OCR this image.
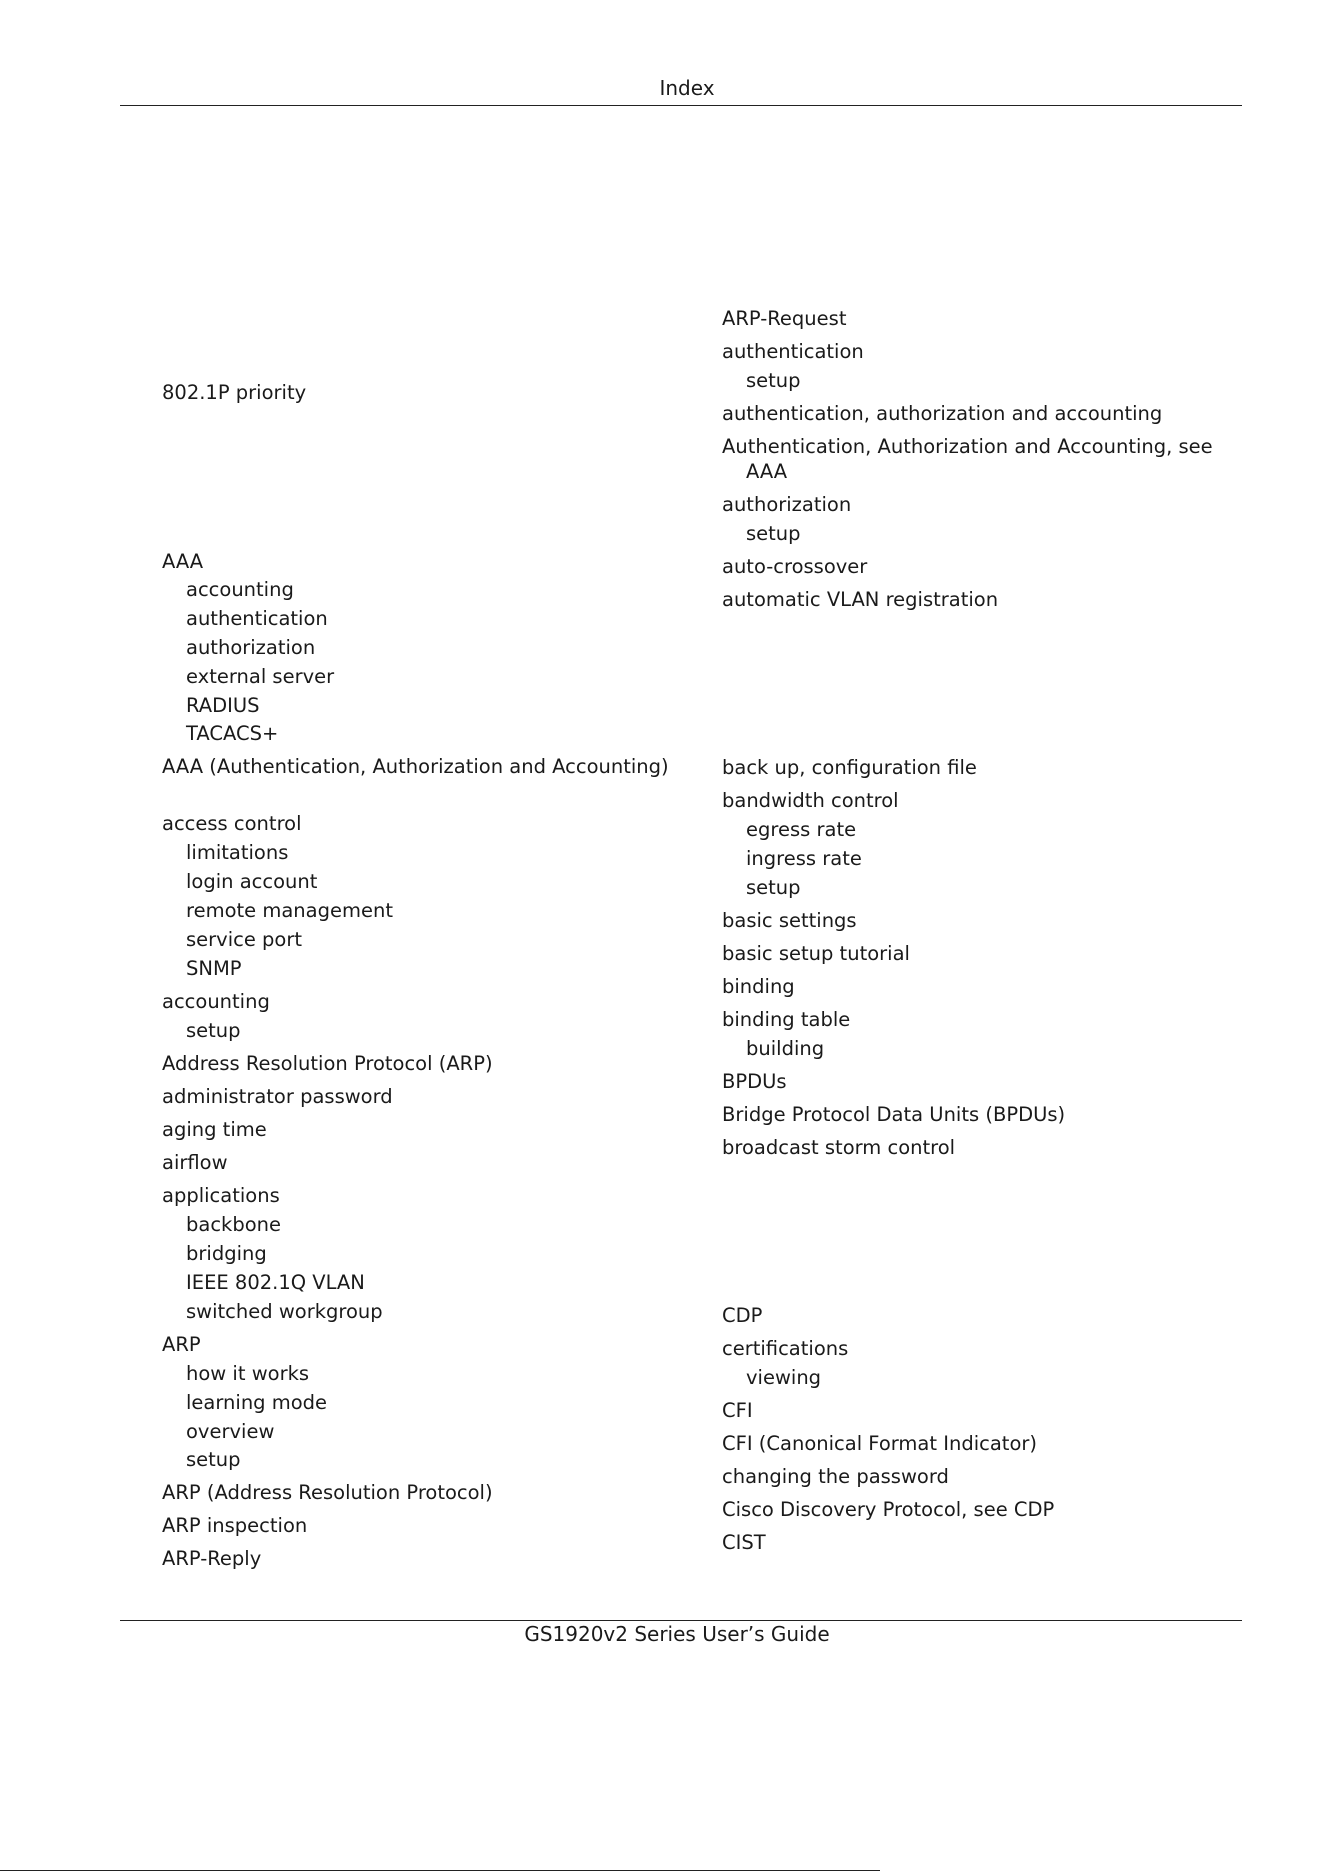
Index
802.1P priority
AAA
accounting
authentication
authorization
external server
RADIUS
TACACS+
AAA (Authentication, Authorization and Accounting)
access control
limitations
login account
remote management
service port
SNMP
accounting
setup
Address Resolution Protocol (ARP)
administrator password
aging time
airflow
applications
backbone
bridging
IEEE 802.1Q VLAN
switched workgroup
ARP
how it works
learning mode
overview
setup
ARP (Address Resolution Protocol)
ARP inspection
ARP-Reply
ARP-Request
authentication
setup
authentication, authorization and accounting
Authentication, Authorization and Accounting, see
AAA
authorization
setup
auto-crossover
automatic VLAN registration
back up, configuration file
bandwidth control
egress rate
ingress rate
setup
basic settings
basic setup tutorial
binding
binding table
building
BPDUs
Bridge Protocol Data Units (BPDUs)
broadcast storm control
CDP
certifications
viewing
CFI
CFI (Canonical Format Indicator)
changing the password
Cisco Discovery Protocol, see CDP
CIST
GS1920v2 Series User’s Guide
